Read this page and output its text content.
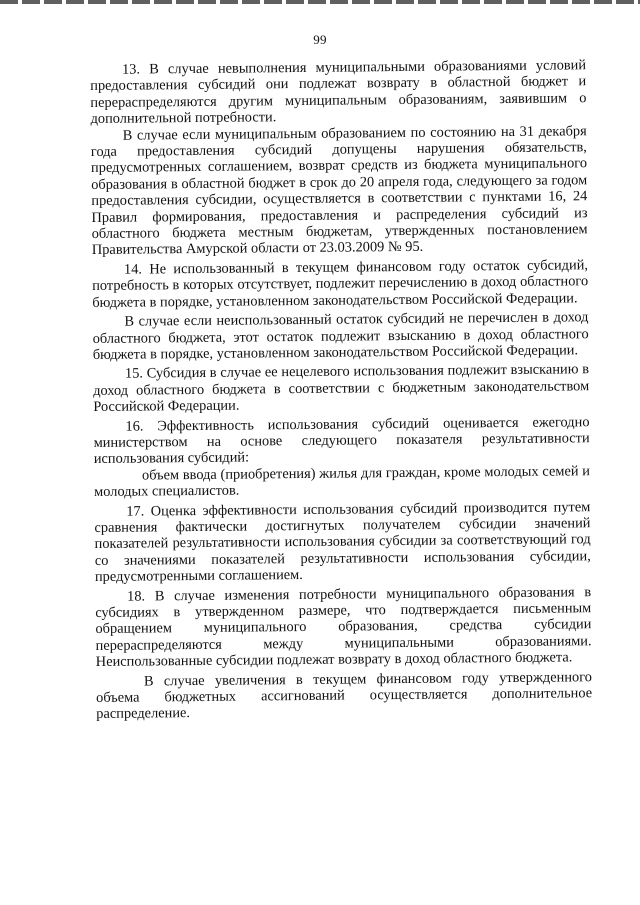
99

13. В случае невыполнения муниципальными образованиями условий предоставления субсидий они подлежат возврату в областной бюджет и перераспределяются другим муниципальным образованиям, заявившим о дополнительной потребности.

В случае если муниципальным образованием по состоянию на 31 декабря года предоставления субсидий допущены нарушения обязательств, предусмотренных соглашением, возврат средств из бюджета муниципального образования в областной бюджет в срок до 20 апреля года, следующего за годом предоставления субсидии, осуществляется в соответствии с пунктами 16, 24 Правил формирования, предоставления и распределения субсидий из областного бюджета местным бюджетам, утвержденных постановлением Правительства Амурской области от 23.03.2009 № 95.

14. Не использованный в текущем финансовом году остаток субсидий, потребность в которых отсутствует, подлежит перечислению в доход областного бюджета в порядке, установленном законодательством Российской Федерации.

В случае если неиспользованный остаток субсидий не перечислен в доход областного бюджета, этот остаток подлежит взысканию в доход областного бюджета в порядке, установленном законодательством Российской Федерации.

15. Субсидия в случае ее нецелевого использования подлежит взысканию в доход областного бюджета в соответствии с бюджетным законодательством Российской Федерации.

16. Эффективность использования субсидий оценивается ежегодно министерством на основе следующего показателя результативности использования субсидий:

объем ввода (приобретения) жилья для граждан, кроме молодых семей и молодых специалистов.

17. Оценка эффективности использования субсидий производится путем сравнения фактически достигнутых получателем субсидии значений показателей результативности использования субсидии за соответствующий год со значениями показателей результативности использования субсидии, предусмотренными соглашением.

18. В случае изменения потребности муниципального образования в субсидиях в утвержденном размере, что подтверждается письменным обращением муниципального образования, средства субсидии перераспределяются между муниципальными образованиями. Неиспользованные субсидии подлежат возврату в доход областного бюджета.

В случае увеличения в текущем финансовом году утвержденного объема бюджетных ассигнований осуществляется дополнительное распределение.
